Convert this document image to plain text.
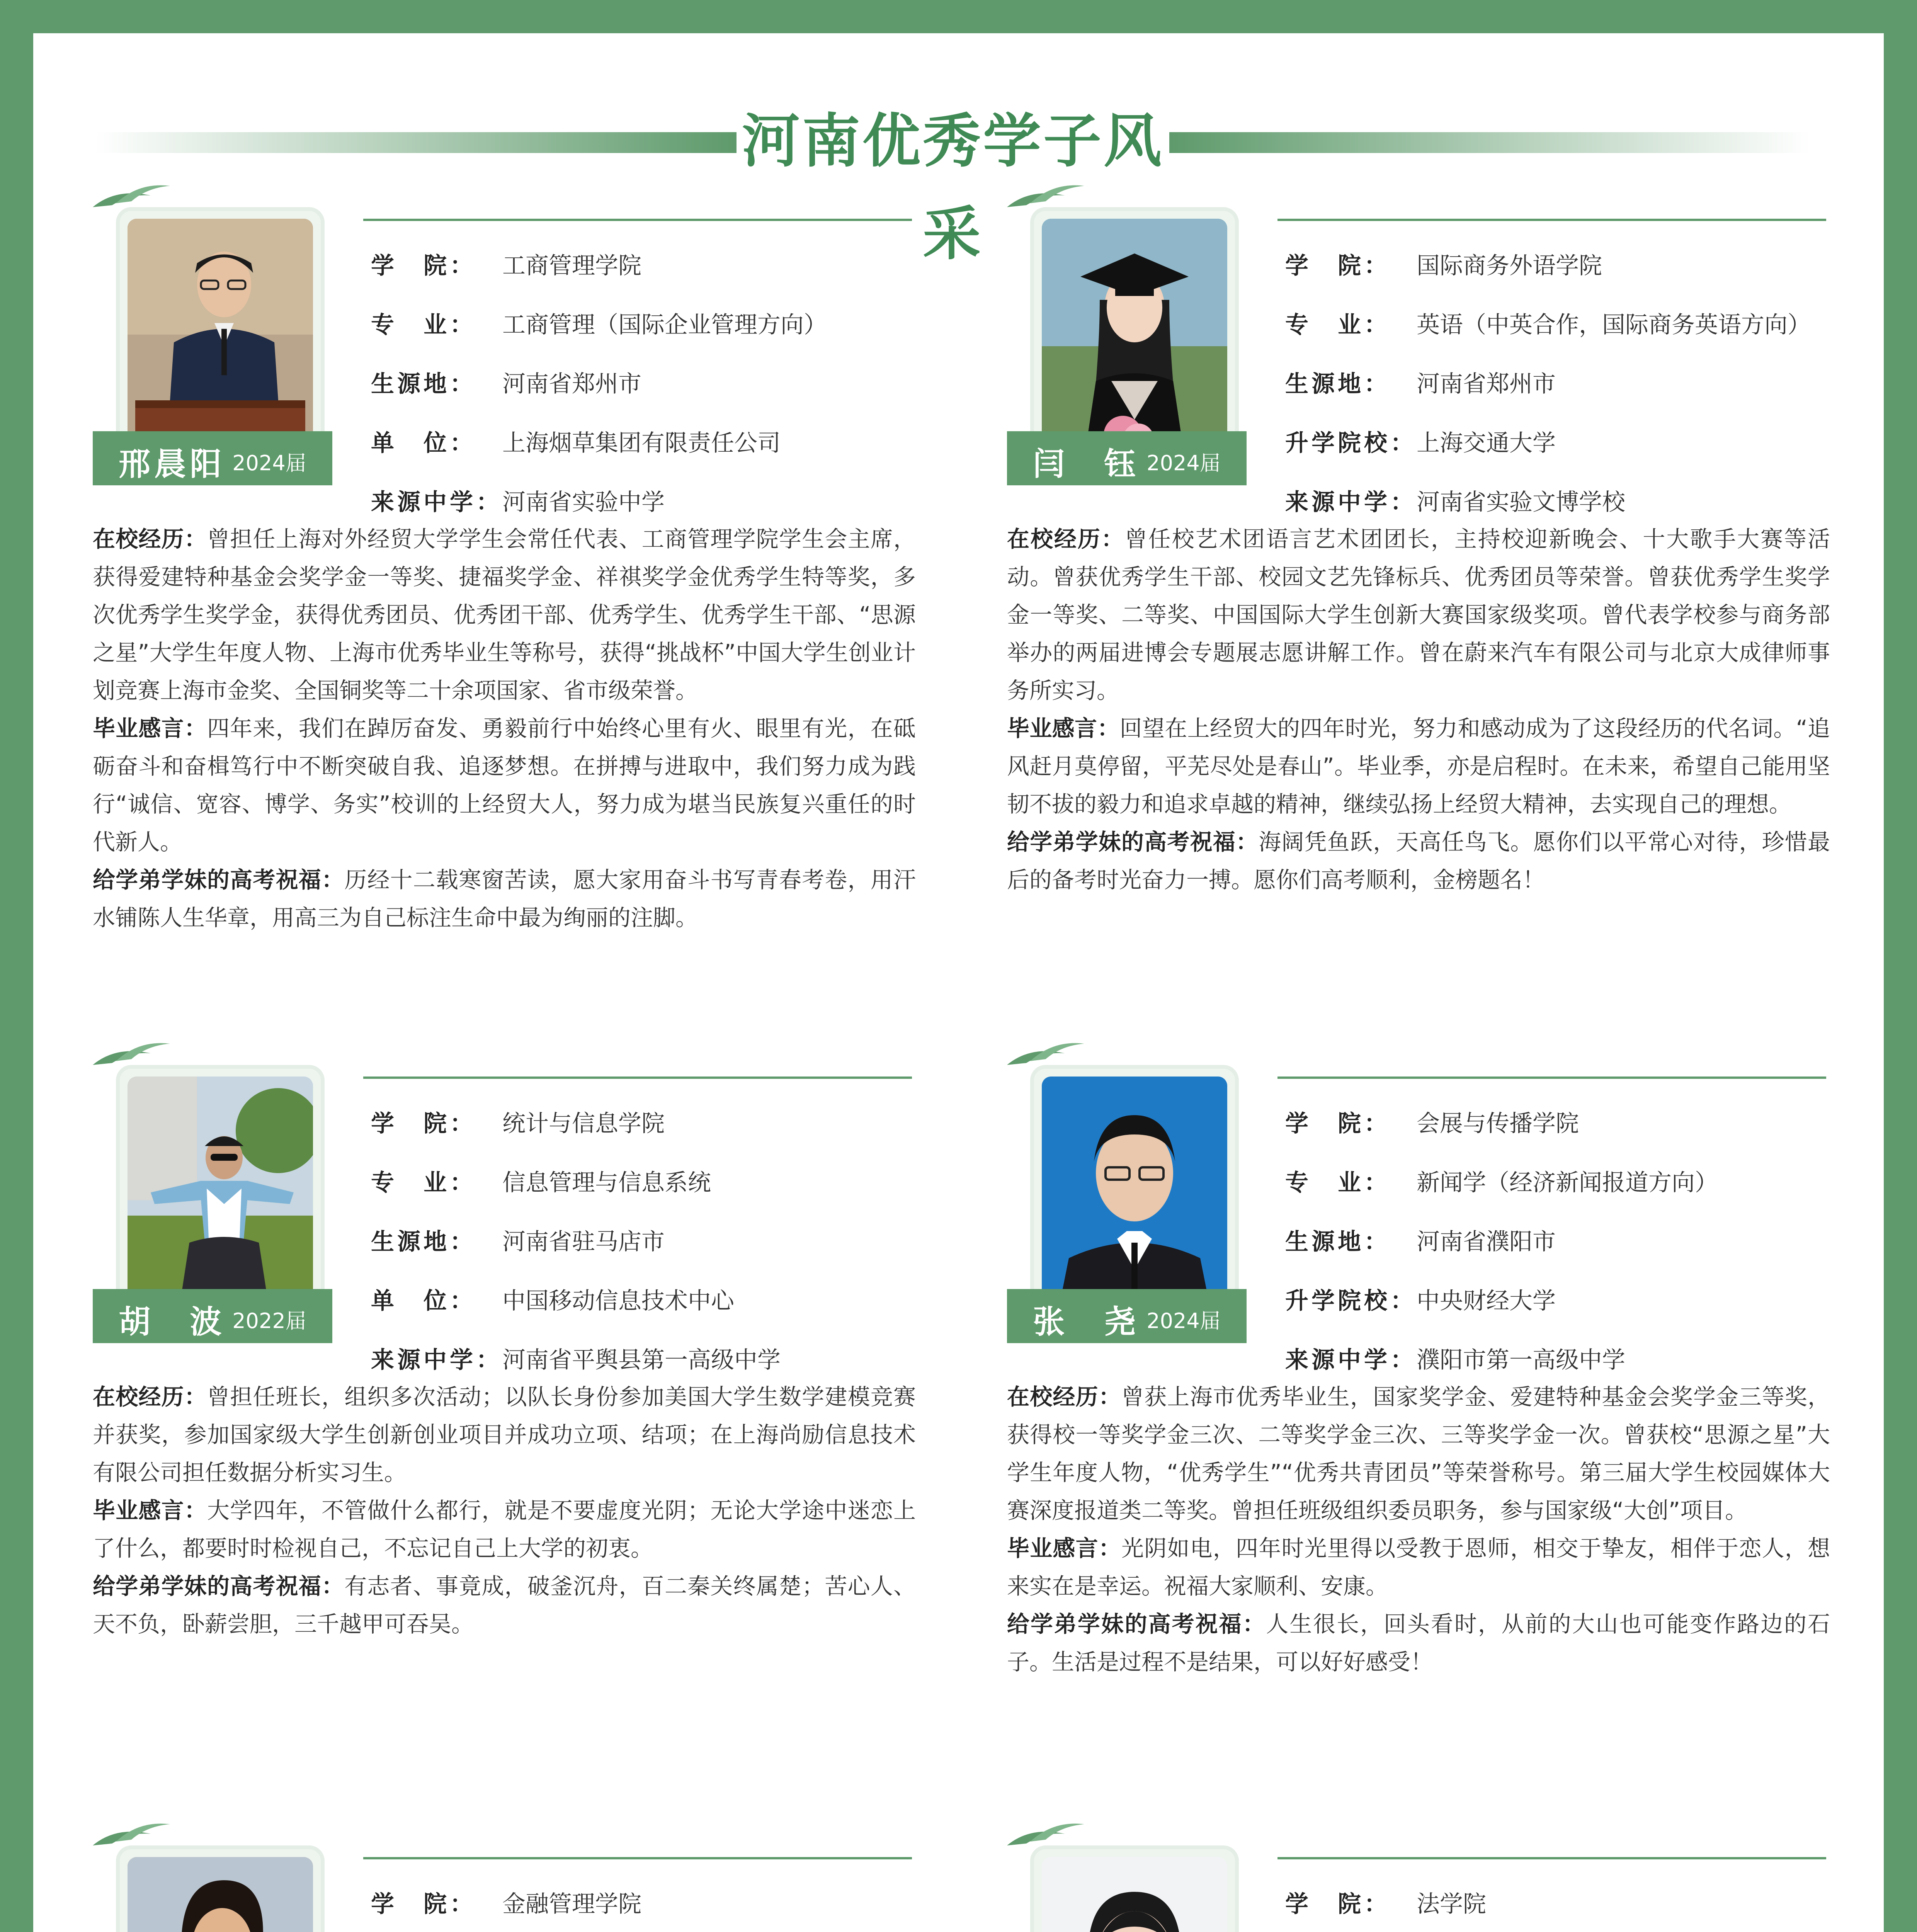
河南优秀学子风采
邢晨阳 2024届
学　院：	工商管理学院
专　业：	工商管理（国际企业管理方向）
生源地：	河南省郑州市
单　位：	上海烟草集团有限责任公司
来源中学： 河南省实验中学

在校经历：曾担任上海对外经贸大学学生会常任代表、工商管理学院学生会主席，获得爱建特种基金会奖学金一等奖、捷福奖学金、祥祺奖学金优秀学生特等奖，多次优秀学生奖学金，获得优秀团员、优秀团干部、优秀学生、优秀学生干部、“思源之星”大学生年度人物、上海市优秀毕业生等称号，获得“挑战杯”中国大学生创业计划竞赛上海市金奖、全国铜奖等二十余项国家、省市级荣誉。

毕业感言：四年来，我们在踔厉奋发、勇毅前行中始终心里有火、眼里有光，在砥砺奋斗和奋楫笃行中不断突破自我、追逐梦想。在拼搏与进取中，我们努力成为践行“诚信、宽容、博学、务实”校训的上经贸大人，努力成为堪当民族复兴重任的时代新人。

给学弟学妹的高考祝福：历经十二载寒窗苦读，愿大家用奋斗书写青春考卷，用汗水铺陈人生华章，用高三为自己标注生命中最为绚丽的注脚。

闫　钰 2024届
学　院：	国际商务外语学院
专　业：	英语（中英合作，国际商务英语方向）
生源地：	河南省郑州市
升学院校： 上海交通大学
来源中学： 河南省实验文博学校

在校经历：曾任校艺术团语言艺术团团长，主持校迎新晚会、十大歌手大赛等活动。曾获优秀学生干部、校园文艺先锋标兵、优秀团员等荣誉。曾获优秀学生奖学金一等奖、二等奖、中国国际大学生创新大赛国家级奖项。曾代表学校参与商务部举办的两届进博会专题展志愿讲解工作。曾在蔚来汽车有限公司与北京大成律师事务所实习。

毕业感言：回望在上经贸大的四年时光，努力和感动成为了这段经历的代名词。“追风赶月莫停留，平芜尽处是春山”。毕业季，亦是启程时。在未来，希望自己能用坚韧不拔的毅力和追求卓越的精神，继续弘扬上经贸大精神，去实现自己的理想。

给学弟学妹的高考祝福：海阔凭鱼跃，天高任鸟飞。愿你们以平常心对待，珍惜最后的备考时光奋力一搏。愿你们高考顺利，金榜题名！

胡　波 2022届
学　院：	统计与信息学院
专　业：	信息管理与信息系统
生源地：	河南省驻马店市
单　位：	中国移动信息技术中心
来源中学： 河南省平舆县第一高级中学

在校经历：曾担任班长，组织多次活动；以队长身份参加美国大学生数学建模竞赛并获奖，参加国家级大学生创新创业项目并成功立项、结项；在上海尚励信息技术有限公司担任数据分析实习生。

毕业感言：大学四年，不管做什么都行，就是不要虚度光阴；无论大学途中迷恋上了什么，都要时时检视自己，不忘记自己上大学的初衷。

给学弟学妹的高考祝福：有志者、事竟成，破釜沉舟，百二秦关终属楚；苦心人、天不负，卧薪尝胆，三千越甲可吞吴。

张　尧 2024届
学　院：	会展与传播学院
专　业：	新闻学（经济新闻报道方向）
生源地：	河南省濮阳市
升学院校： 中央财经大学
来源中学： 濮阳市第一高级中学

在校经历：曾获上海市优秀毕业生，国家奖学金、爱建特种基金会奖学金三等奖，获得校一等奖学金三次、二等奖学金三次、三等奖学金一次。曾获校“思源之星”大学生年度人物，“优秀学生”“优秀共青团员”等荣誉称号。第三届大学生校园媒体大赛深度报道类二等奖。曾担任班级组织委员职务，参与国家级“大创”项目。

毕业感言：光阴如电，四年时光里得以受教于恩师，相交于挚友，相伴于恋人，想来实在是幸运。祝福大家顺利、安康。

给学弟学妹的高考祝福：人生很长，回头看时，从前的大山也可能变作路边的石子。生活是过程不是结果，可以好好感受！

学　院：	金融管理学院	学　院：	法学院
